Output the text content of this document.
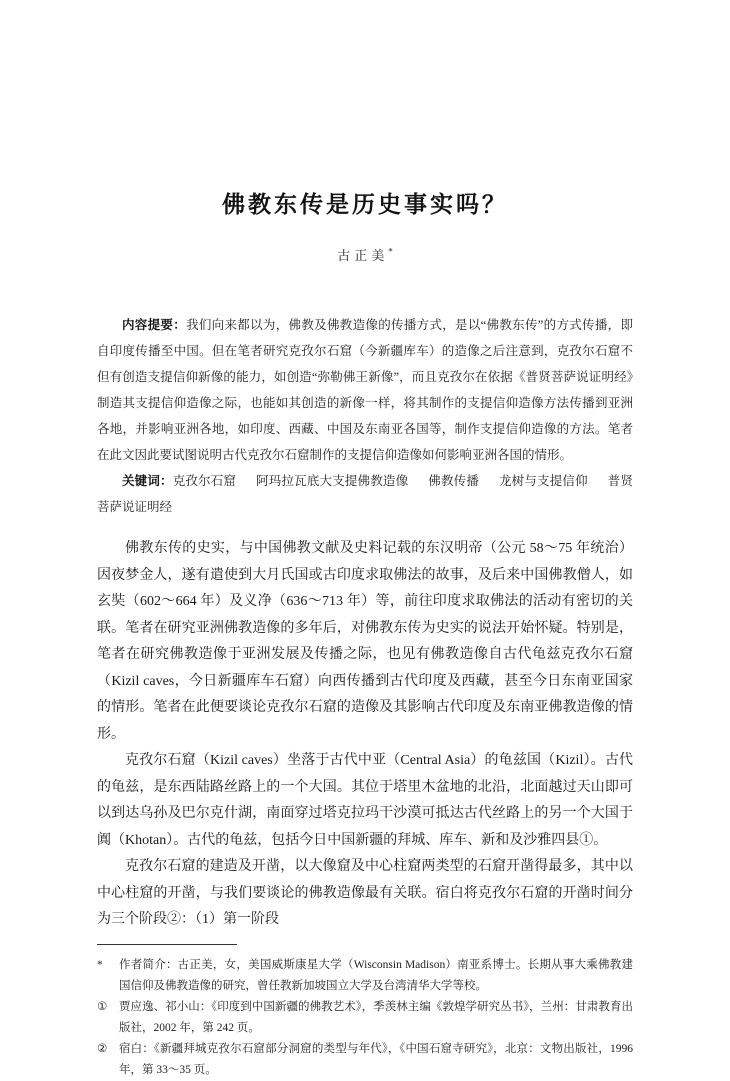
佛教东传是历史事实吗？
古正美*

内容提要：我们向来都以为，佛教及佛教造像的传播方式，是以“佛教东传”的方式传播，即自印度传播至中国。但在笔者研究克孜尔石窟（今新疆库车）的造像之后注意到，克孜尔石窟不但有创造支提信仰新像的能力，如创造“弥勒佛王新像”，而且克孜尔在依据《普贤菩萨说证明经》制造其支提信仰造像之际，也能如其创造的新像一样，将其制作的支提信仰造像方法传播到亚洲各地，并影响亚洲各地，如印度、西藏、中国及东南亚各国等，制作支提信仰造像的方法。笔者在此文因此要试图说明古代克孜尔石窟制作的支提信仰造像如何影响亚洲各国的情形。

关键词：克孜尔石窟 阿玛拉瓦底大支提佛教造像 佛教传播 龙树与支提信仰 普贤菩萨说证明经

佛教东传的史实，与中国佛教文献及史料记载的东汉明帝（公元 58～75 年统治）因夜梦金人，遂有遣使到大月氏国或古印度求取佛法的故事，及后来中国佛教僧人，如玄奘（602～664 年）及义净（636～713 年）等，前往印度求取佛法的活动有密切的关联。笔者在研究亚洲佛教造像的多年后，对佛教东传为史实的说法开始怀疑。特别是，笔者在研究佛教造像于亚洲发展及传播之际，也见有佛教造像自古代龟兹克孜尔石窟（Kizil caves，今日新疆库车石窟）向西传播到古代印度及西藏，甚至今日东南亚国家的情形。笔者在此便要谈论克孜尔石窟的造像及其影响古代印度及东南亚佛教造像的情形。

克孜尔石窟（Kizil caves）坐落于古代中亚（Central Asia）的龟兹国（Kizil）。古代的龟兹，是东西陆路丝路上的一个大国。其位于塔里木盆地的北沿，北面越过天山即可以到达乌孙及巴尔克什湖，南面穿过塔克拉玛干沙漠可抵达古代丝路上的另一个大国于阗（Khotan）。古代的龟兹，包括今日中国新疆的拜城、库车、新和及沙雅四县①。

克孜尔石窟的建造及开凿，以大像窟及中心柱窟两类型的石窟开凿得最多，其中以中心柱窟的开凿，与我们要谈论的佛教造像最有关联。宿白将克孜尔石窟的开凿时间分为三个阶段②：（1）第一阶段

*	作者简介：古正美，女，美国威斯康星大学（Wisconsin Madison）南亚系博士。长期从事大乘佛教建国信仰及佛教造像的研究，曾任教新加坡国立大学及台湾清华大学等校。
①	贾应逸、祁小山：《印度到中国新疆的佛教艺术》，季羡林主编《敦煌学研究丛书》，兰州：甘肃教育出版社，2002 年，第 242 页。
②	宿白：《新疆拜城克孜尔石窟部分洞窟的类型与年代》，《中国石窟寺研究》，北京：文物出版社，1996 年，第 33～35 页。
